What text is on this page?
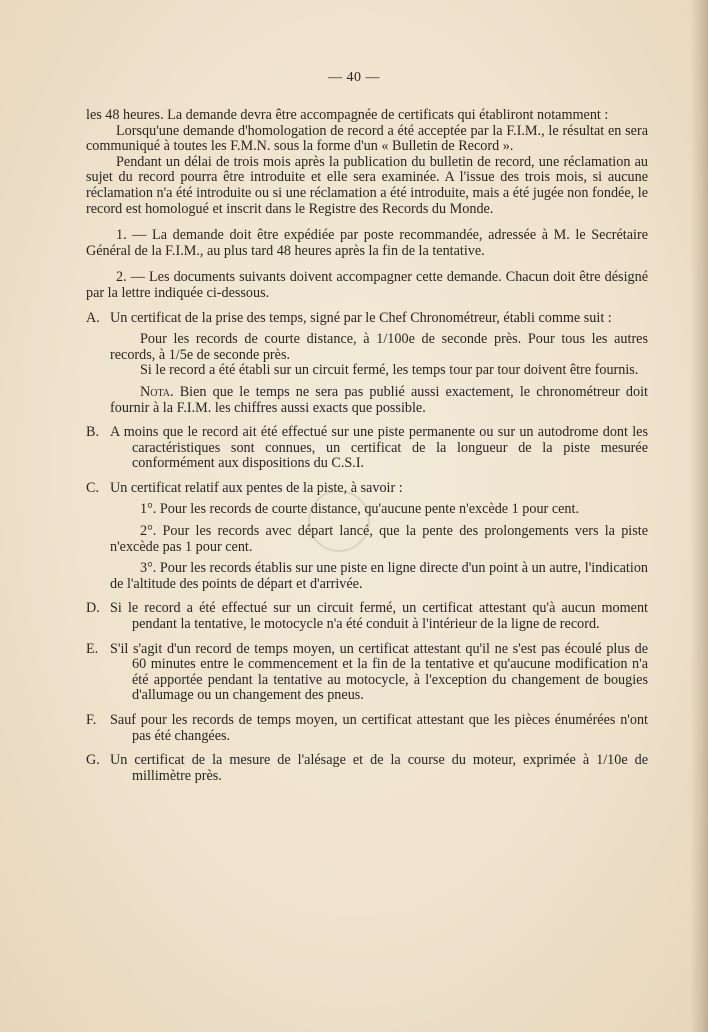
— 40 —

les 48 heures. La demande devra être accompagnée de certificats qui établiront notamment :

Lorsqu'une demande d'homologation de record a été acceptée par la F.I.M., le résultat en sera communiqué à toutes les F.M.N. sous la forme d'un « Bulletin de Record ».

Pendant un délai de trois mois après la publication du bulletin de record, une réclamation au sujet du record pourra être introduite et elle sera examinée. A l'issue des trois mois, si aucune réclamation n'a été introduite ou si une réclamation a été introduite, mais a été jugée non fondée, le record est homologué et inscrit dans le Registre des Records du Monde.

1. — La demande doit être expédiée par poste recommandée, adressée à M. le Secrétaire Général de la F.I.M., au plus tard 48 heures après la fin de la tentative.

2. — Les documents suivants doivent accompagner cette demande. Chacun doit être désigné par la lettre indiquée ci-dessous.

A. Un certificat de la prise des temps, signé par le Chef Chronométreur, établi comme suit :

Pour les records de courte distance, à 1/100e de seconde près. Pour tous les autres records, à 1/5e de seconde près.

Si le record a été établi sur un circuit fermé, les temps tour par tour doivent être fournis.

Nota. Bien que le temps ne sera pas publié aussi exactement, le chronométreur doit fournir à la F.I.M. les chiffres aussi exacts que possible.

B. A moins que le record ait été effectué sur une piste permanente ou sur un autodrome dont les caractéristiques sont connues, un certificat de la longueur de la piste mesurée conformément aux dispositions du C.S.I.

C. Un certificat relatif aux pentes de la piste, à savoir :

1°. Pour les records de courte distance, qu'aucune pente n'excède 1 pour cent.

2°. Pour les records avec départ lancé, que la pente des prolongements vers la piste n'excède pas 1 pour cent.

3°. Pour les records établis sur une piste en ligne directe d'un point à un autre, l'indication de l'altitude des points de départ et d'arrivée.

D. Si le record a été effectué sur un circuit fermé, un certificat attestant qu'à aucun moment pendant la tentative, le motocycle n'a été conduit à l'intérieur de la ligne de record.

E. S'il s'agit d'un record de temps moyen, un certificat attestant qu'il ne s'est pas écoulé plus de 60 minutes entre le commencement et la fin de la tentative et qu'aucune modification n'a été apportée pendant la tentative au motocycle, à l'exception du changement de bougies d'allumage ou un changement des pneus.

F. Sauf pour les records de temps moyen, un certificat attestant que les pièces énumérées n'ont pas été changées.

G. Un certificat de la mesure de l'alésage et de la course du moteur, exprimée à 1/10e de millimètre près.
